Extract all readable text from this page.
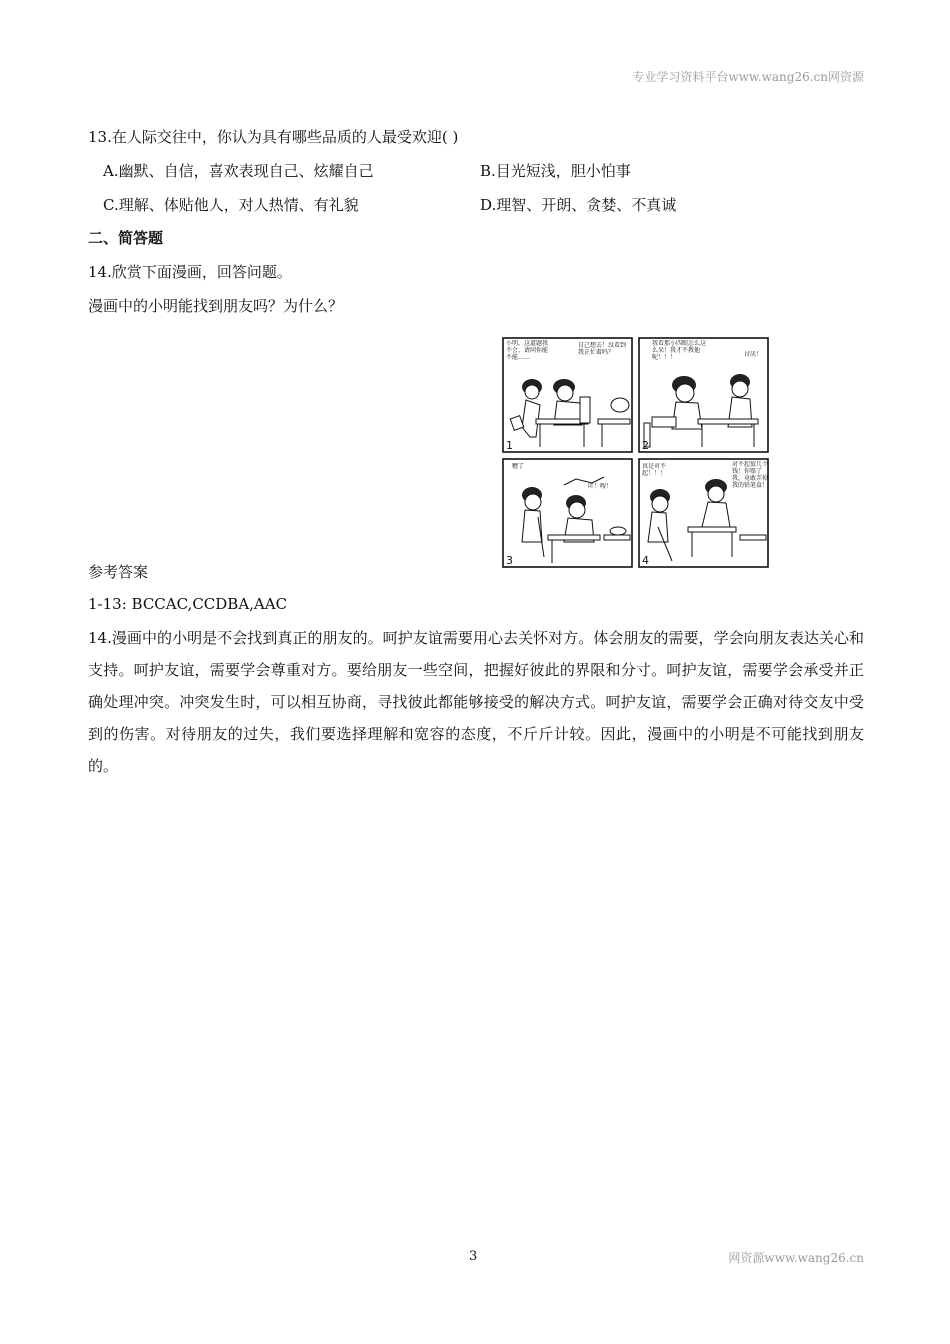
专业学习资料平台www.wang26.cn网资源
13.在人际交往中，你认为具有哪些品质的人最受欢迎( )
A.幽默、自信，喜欢表现自己、炫耀自己	B.目光短浅，胆小怕事
C.理解、体贴他人，对人热情、有礼貌	D.理智、开朗、贪婪、不真诚
二、简答题
14.欣赏下面漫画，回答问题。
漫画中的小明能找到朋友吗？为什么？
小明，这道题我不会，请问你能不能……
自己想去！没看到我正忙着吗？
1
我看那小四眼怎么这么呆！我才不教他呢！！！	讨厌！
2
糟了
吖！嗖！
3
真是对不起！！！
对不起值几个钱！你赔了我，竟敢弄掉我的铅笔盒！
4
参考答案
1-13: BCCAC,CCDBA,AAC

14.漫画中的小明是不会找到真正的朋友的。呵护友谊需要用心去关怀对方。体会朋友的需要，学会向朋友表达关心和支持。呵护友谊，需要学会尊重对方。要给朋友一些空间，把握好彼此的界限和分寸。呵护友谊，需要学会承受并正确处理冲突。冲突发生时，可以相互协商，寻找彼此都能够接受的解决方式。呵护友谊，需要学会正确对待交友中受到的伤害。对待朋友的过失，我们要选择理解和宽容的态度，不斤斤计较。因此，漫画中的小明是不可能找到朋友的。

3	网资源www.wang26.cn
